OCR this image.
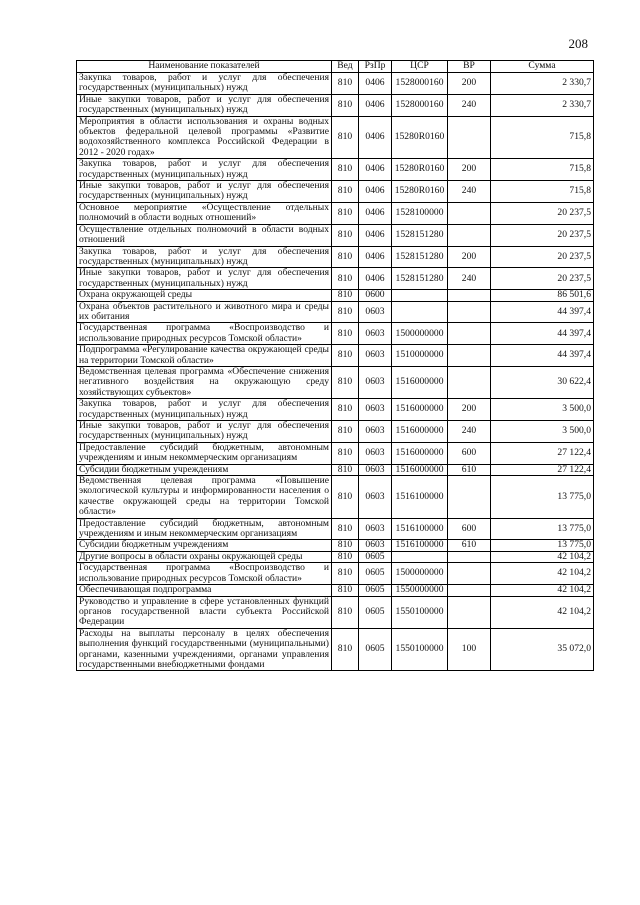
208
Наименование показателей	Вед	РзПр	ЦСР	ВР	Сумма
Закупка товаров, работ и услуг для обеспечения государственных (муниципальных) нужд	810	0406	1528000160	200	2 330,7
Иные закупки товаров, работ и услуг для обеспечения государственных (муниципальных) нужд	810	0406	1528000160	240	2 330,7
Мероприятия в области использования и охраны водных объектов федеральной целевой программы «Развитие водохозяйственного комплекса Российской Федерации в 2012 - 2020 годах»	810	0406	15280R0160		715,8
Закупка товаров, работ и услуг для обеспечения государственных (муниципальных) нужд	810	0406	15280R0160	200	715,8
Иные закупки товаров, работ и услуг для обеспечения государственных (муниципальных) нужд	810	0406	15280R0160	240	715,8
Основное мероприятие «Осуществление отдельных полномочий в области водных отношений»	810	0406	1528100000		20 237,5
Осуществление отдельных полномочий в области водных отношений	810	0406	1528151280		20 237,5
Закупка товаров, работ и услуг для обеспечения государственных (муниципальных) нужд	810	0406	1528151280	200	20 237,5
Иные закупки товаров, работ и услуг для обеспечения государственных (муниципальных) нужд	810	0406	1528151280	240	20 237,5
Охрана окружающей среды	810	0600			86 501,6
Охрана объектов растительного и животного мира и среды их обитания	810	0603			44 397,4
Государственная программа «Воспроизводство и использование природных ресурсов Томской области»	810	0603	1500000000		44 397,4
Подпрограмма «Регулирование качества окружающей среды на территории Томской области»	810	0603	1510000000		44 397,4
Ведомственная целевая программа «Обеспечение снижения негативного воздействия на окружающую среду хозяйствующих субъектов»	810	0603	1516000000		30 622,4
Закупка товаров, работ и услуг для обеспечения государственных (муниципальных) нужд	810	0603	1516000000	200	3 500,0
Иные закупки товаров, работ и услуг для обеспечения государственных (муниципальных) нужд	810	0603	1516000000	240	3 500,0
Предоставление субсидий бюджетным, автономным учреждениям и иным некоммерческим организациям	810	0603	1516000000	600	27 122,4
Субсидии бюджетным учреждениям	810	0603	1516000000	610	27 122,4
Ведомственная целевая программа «Повышение экологической культуры и информированности населения о качестве окружающей среды на территории Томской области»	810	0603	1516100000		13 775,0
Предоставление субсидий бюджетным, автономным учреждениям и иным некоммерческим организациям	810	0603	1516100000	600	13 775,0
Субсидии бюджетным учреждениям	810	0603	1516100000	610	13 775,0
Другие вопросы в области охраны окружающей среды	810	0605			42 104,2
Государственная программа «Воспроизводство и использование природных ресурсов Томской области»	810	0605	1500000000		42 104,2
Обеспечивающая подпрограмма	810	0605	1550000000		42 104,2
Руководство и управление в сфере установленных функций органов государственной власти субъекта Российской Федерации	810	0605	1550100000		42 104,2
Расходы на выплаты персоналу в целях обеспечения выполнения функций государственными (муниципальными) органами, казенными учреждениями, органами управления государственными внебюджетными фондами	810	0605	1550100000	100	35 072,0
